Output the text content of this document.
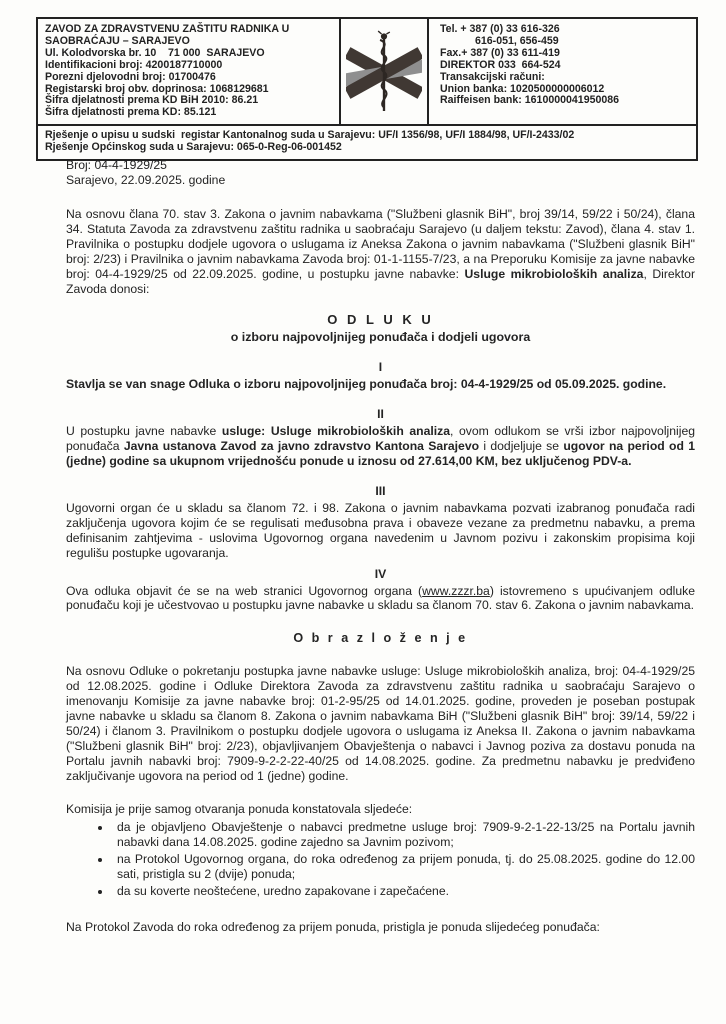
ZAVOD ZA ZDRAVSTVENU ZAŠTITU RADNIKA U
SAOBRAĆAJU – SARAJEVO
Ul. Kolodvorska br. 10    71 000  SARAJEVO
Identifikacioni broj: 4200187710000
Porezni djelovodni broj: 01700476
Registarski broj obv. doprinosa: 1068129681
Šifra djelatnosti prema KD BiH 2010: 86.21
Šifra djelatnosti prema KD: 85.121
Tel. + 387 (0) 33 616-326
616-051, 656-459
Fax.+ 387 (0) 33 611-419
DIREKTOR 033  664-524
Transakcijski računi:
Union banka: 1020500000006012
Raiffeisen bank: 1610000041950086
Rješenje o upisu u sudski  registar Kantonalnog suda u Sarajevu: UF/I 1356/98, UF/I 1884/98, UF/I-2433/02
Rješenje Općinskog suda u Sarajevu: 065-0-Reg-06-001452
Broj: 04-4-1929/25
Sarajevo, 22.09.2025. godine

Na osnovu člana 70. stav 3. Zakona o javnim nabavkama ("Službeni glasnik BiH", broj 39/14, 59/22 i 50/24), člana 34. Statuta Zavoda za zdravstvenu zaštitu radnika u saobraćaju Sarajevo (u daljem tekstu: Zavod), člana 4. stav 1. Pravilnika o postupku dodjele ugovora o uslugama iz Aneksa Zakona o javnim nabavkama ("Službeni glasnik BiH" broj: 2/23) i Pravilnika o javnim nabavkama Zavoda broj: 01-1-1155-7/23, a na Preporuku Komisije za javne nabavke broj: 04-4-1929/25 od 22.09.2025. godine, u postupku javne nabavke: Usluge mikrobioloških analiza, Direktor Zavoda donosi:

O D L U K U
o izboru najpovoljnijeg ponuđača i dodjeli ugovora
I

Stavlja se van snage Odluka o izboru najpovoljnijeg ponuđača broj: 04-4-1929/25 od 05.09.2025. godine.

II

U postupku javne nabavke usluge: Usluge mikrobioloških analiza, ovom odlukom se vrši izbor najpovoljnijeg ponuđača Javna ustanova Zavod za javno zdravstvo Kantona Sarajevo i dodjeljuje se ugovor na period od 1 (jedne) godine sa ukupnom vrijednošću ponude u iznosu od 27.614,00 KM, bez uključenog PDV-a.

III

Ugovorni organ će u skladu sa članom 72. i 98. Zakona o javnim nabavkama pozvati izabranog ponuđača radi zaključenja ugovora kojim će se regulisati međusobna prava i obaveze vezane za predmetnu nabavku, a prema definisanim zahtjevima - uslovima Ugovornog organa navedenim u Javnom pozivu i zakonskim propisima koji regulišu postupke ugovaranja.

IV

Ova odluka objavit će se na web stranici Ugovornog organa (www.zzzr.ba) istovremeno s upućivanjem odluke ponuđaču koji je učestvovao u postupku javne nabavke u skladu sa članom 70. stav 6. Zakona o javnim nabavkama.

O b r a z l o ž e n j e

Na osnovu Odluke o pokretanju postupka javne nabavke usluge: Usluge mikrobioloških analiza, broj: 04-4-1929/25 od 12.08.2025. godine i Odluke Direktora Zavoda za zdravstvenu zaštitu radnika u saobraćaju Sarajevo o imenovanju Komisije za javne nabavke broj: 01-2-95/25 od 14.01.2025. godine, proveden je poseban postupak javne nabavke u skladu sa članom 8. Zakona o javnim nabavkama BiH ("Službeni glasnik BiH" broj: 39/14, 59/22 i 50/24) i članom 3. Pravilnikom o postupku dodjele ugovora o uslugama iz Aneksa II. Zakona o javnim nabavkama ("Službeni glasnik BiH" broj: 2/23), objavljivanjem Obavještenja o nabavci i Javnog poziva za dostavu ponuda na Portalu javnih nabavki broj: 7909-9-2-2-22-40/25 od 14.08.2025. godine. Za predmetnu nabavku je predviđeno zaključivanje ugovora na period od 1 (jedne) godine.

Komisija je prije samog otvaranja ponuda konstatovala sljedeće:
• da je objavljeno Obavještenje o nabavci predmetne usluge broj: 7909-9-2-1-22-13/25 na Portalu javnih nabavki dana 14.08.2025. godine zajedno sa Javnim pozivom;
• na Protokol Ugovornog organa, do roka određenog za prijem ponuda, tj. do 25.08.2025. godine do 12.00 sati, pristigla su 2 (dvije) ponuda;
• da su koverte neoštećene, uredno zapakovane i zapečaćene.

Na Protokol Zavoda do roka određenog za prijem ponuda, pristigla je ponuda slijedećeg ponuđača:
